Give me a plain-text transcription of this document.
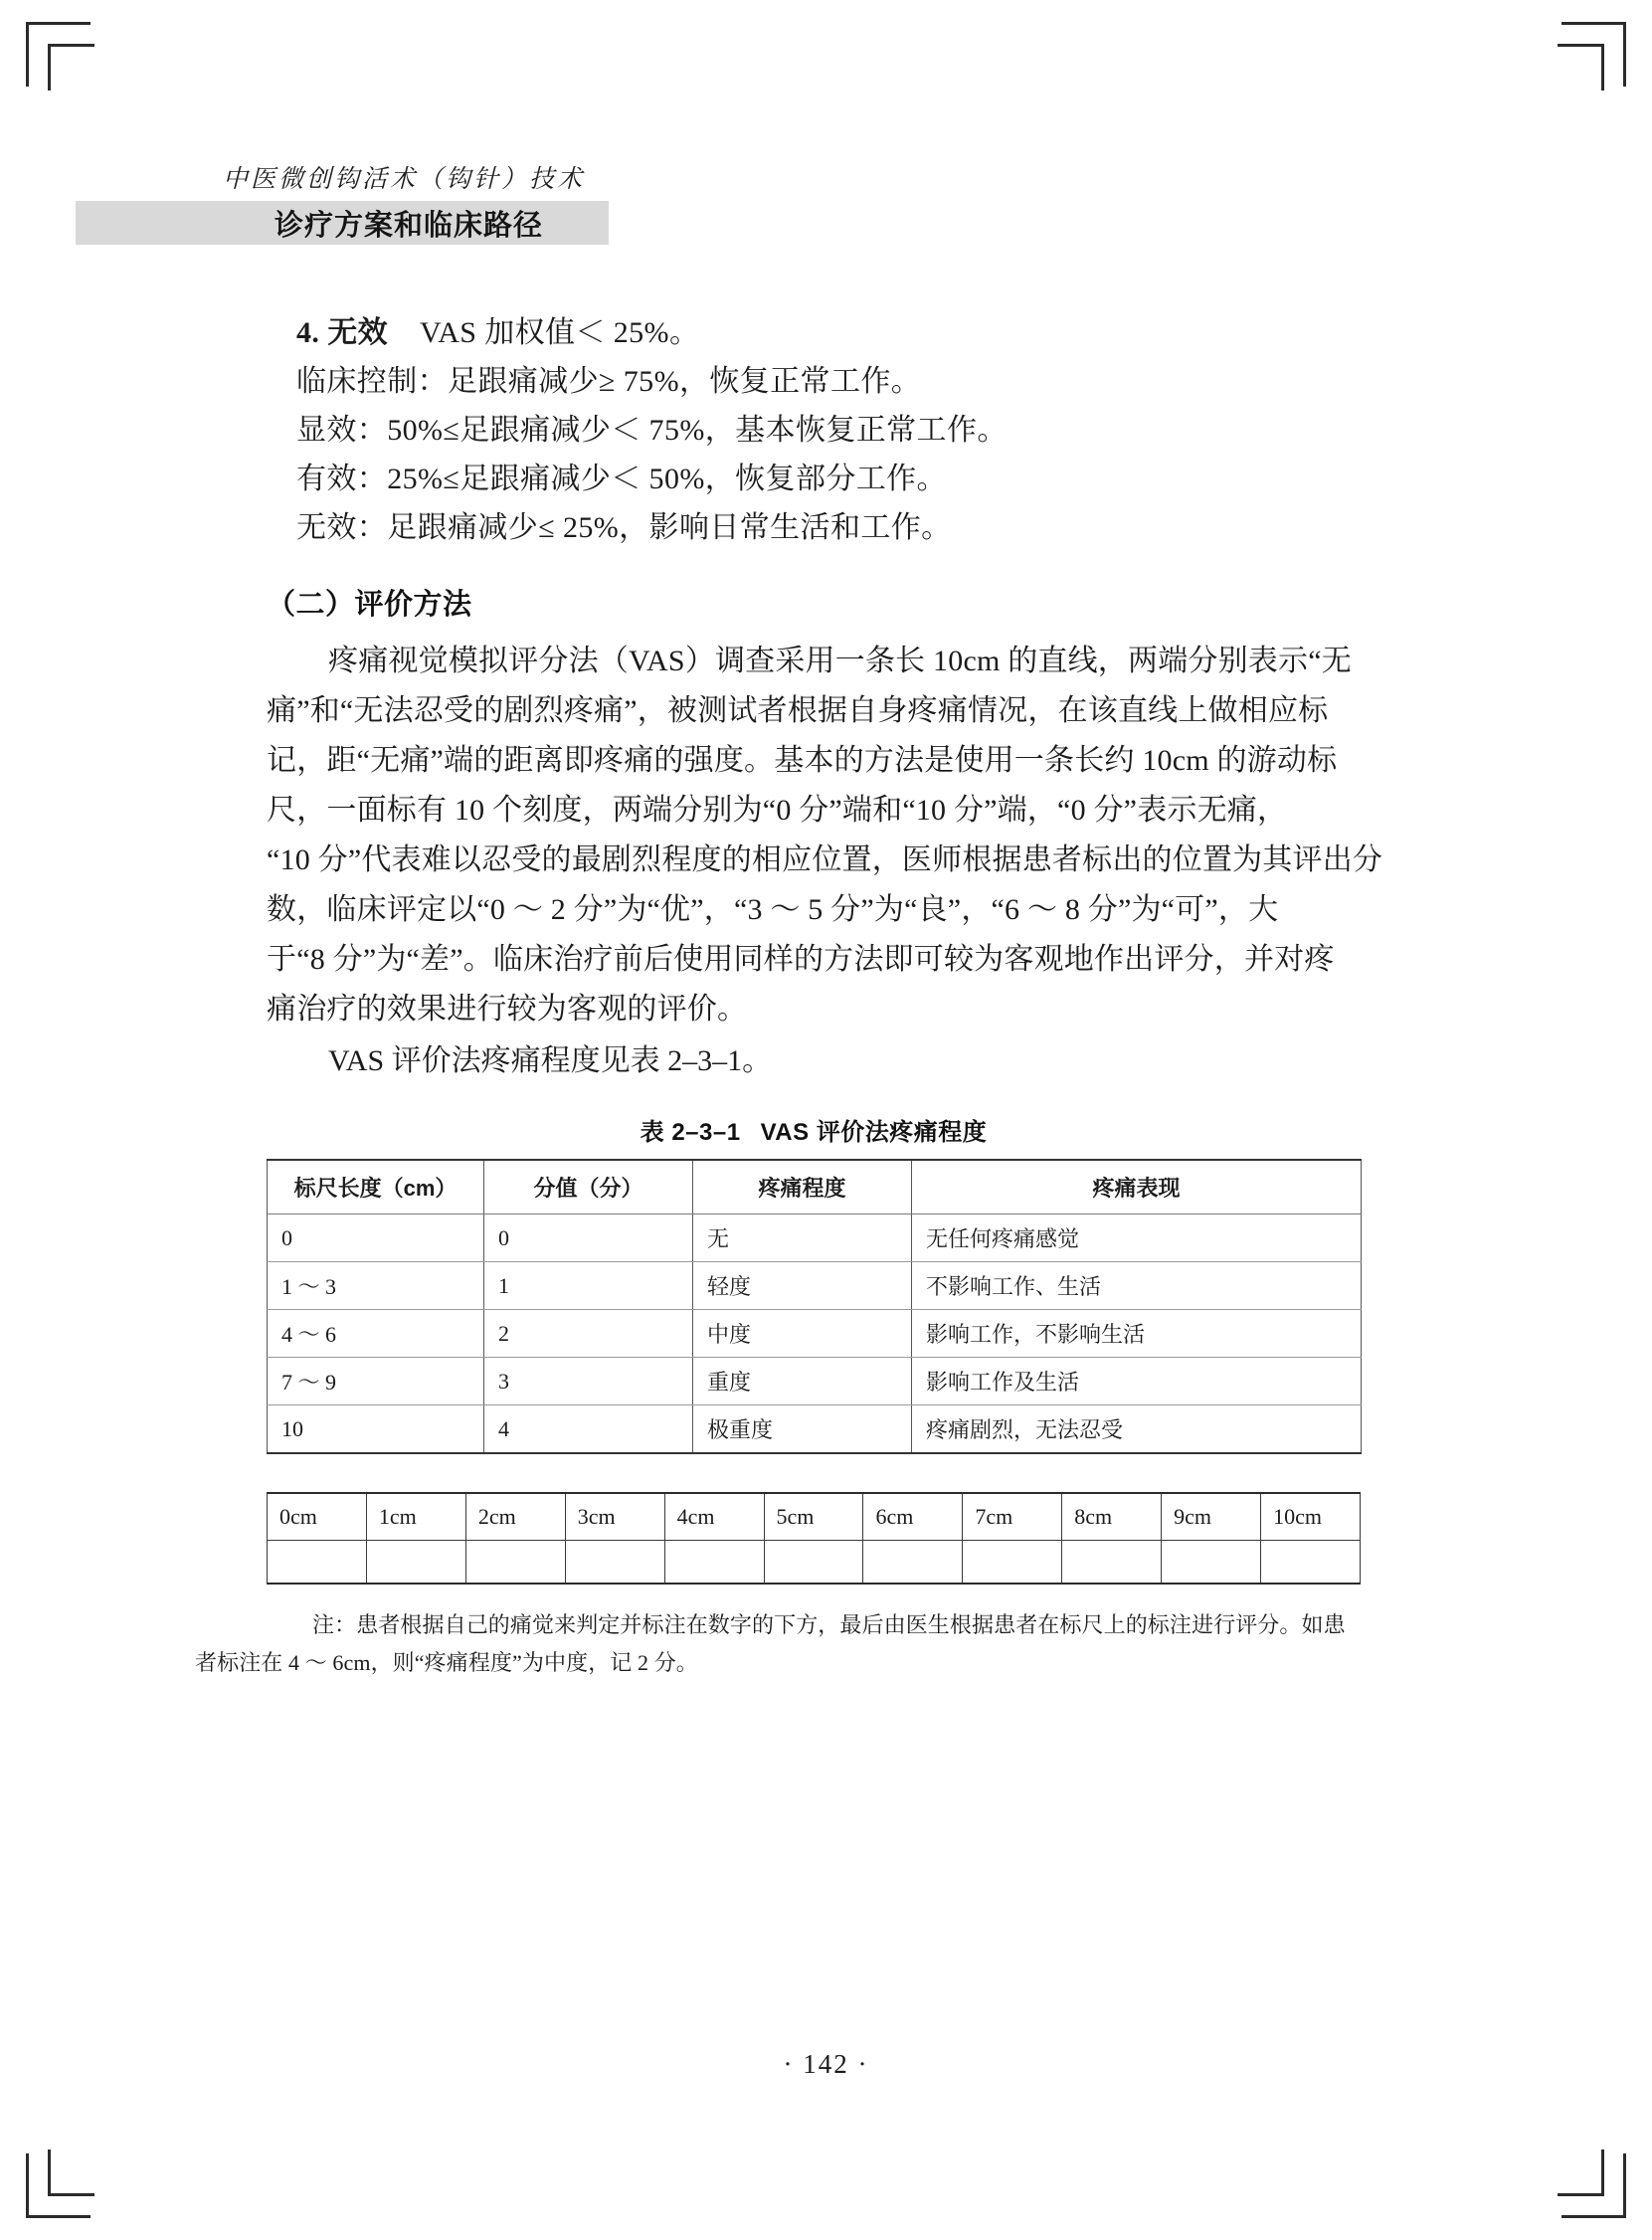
中医微创钩活术（钩针）技术
诊疗方案和临床路径
4. 无效 VAS 加权值＜ 25%。
临床控制：足跟痛减少≥ 75%，恢复正常工作。
显效：50%≤足跟痛减少＜ 75%，基本恢复正常工作。
有效：25%≤足跟痛减少＜ 50%，恢复部分工作。
无效：足跟痛减少≤ 25%，影响日常生活和工作。
（二）评价方法
疼痛视觉模拟评分法（VAS）调查采用一条长 10cm 的直线，两端分别表示“无
痛”和“无法忍受的剧烈疼痛”，被测试者根据自身疼痛情况，在该直线上做相应标
记，距“无痛”端的距离即疼痛的强度。基本的方法是使用一条长约 10cm 的游动标
尺，一面标有 10 个刻度，两端分别为“0 分”端和“10 分”端，“0 分”表示无痛，
“10 分”代表难以忍受的最剧烈程度的相应位置，医师根据患者标出的位置为其评出分
数，临床评定以“0 ～ 2 分”为“优”，“3 ～ 5 分”为“良”，“6 ～ 8 分”为“可”，大
于“8 分”为“差”。临床治疗前后使用同样的方法即可较为客观地作出评分，并对疼
痛治疗的效果进行较为客观的评价。
VAS 评价法疼痛程度见表 2–3–1。
表 2–3–1 VAS 评价法疼痛程度
标尺长度（cm）	分值（分）	疼痛程度	疼痛表现
0	0	无	无任何疼痛感觉
1 ～ 3	1	轻度	不影响工作、生活
4 ～ 6	2	中度	影响工作，不影响生活
7 ～ 9	3	重度	影响工作及生活
10	4	极重度	疼痛剧烈，无法忍受
0cm	1cm	2cm	3cm	4cm	5cm	6cm	7cm	8cm	9cm	10cm

注：患者根据自己的痛觉来判定并标注在数字的下方，最后由医生根据患者在标尺上的标注进行评分。如患
者标注在 4 ～ 6cm，则“疼痛程度”为中度，记 2 分。
· 142 ·
